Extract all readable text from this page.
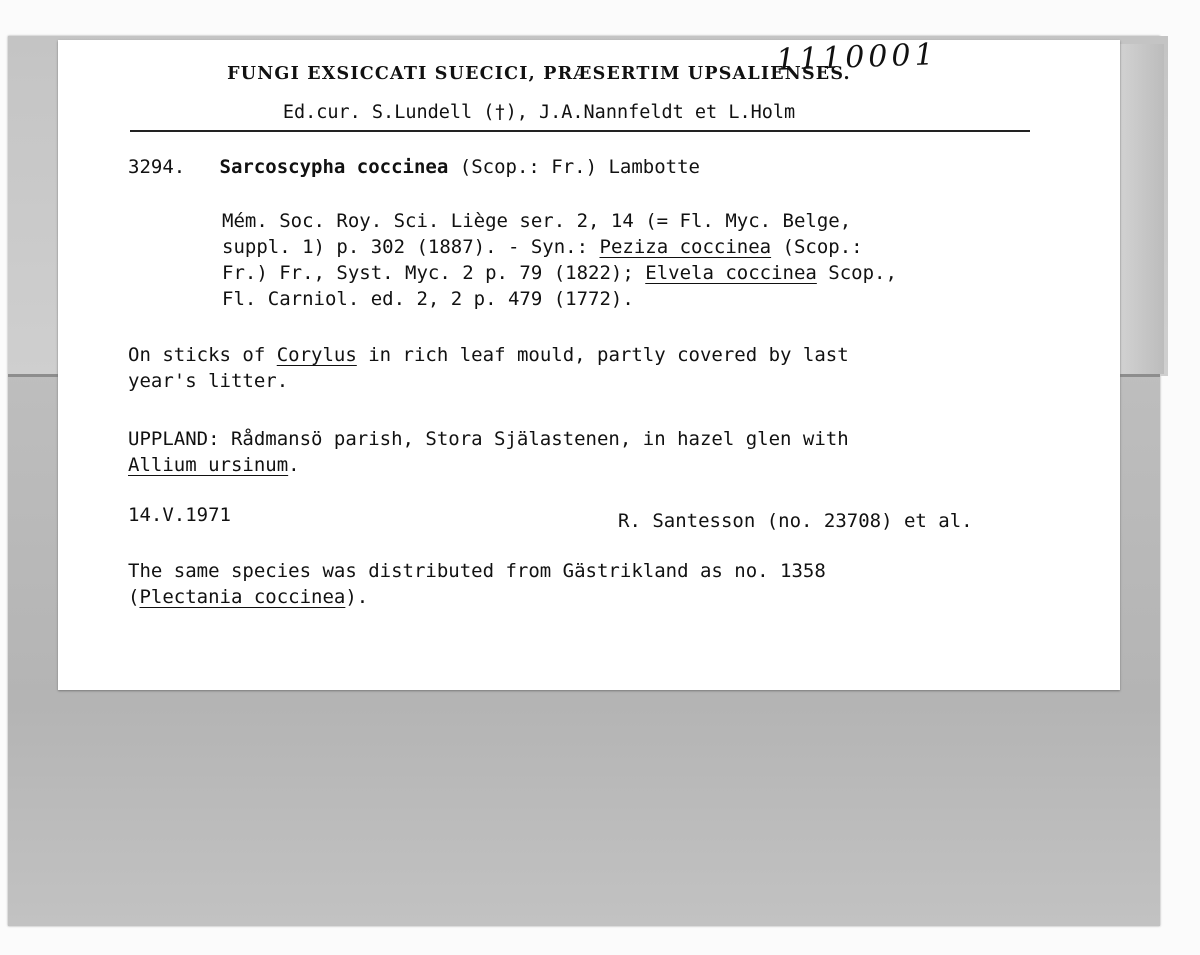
1110001
FUNGI EXSICCATI SUECICI, PRÆSERTIM UPSALIENSES.
Ed.cur. S.Lundell (†), J.A.Nannfeldt et L.Holm
3294. Sarcoscypha coccinea (Scop.: Fr.) Lambotte
Mém. Soc. Roy. Sci. Liège ser. 2, 14 (= Fl. Myc. Belge,
suppl. 1) p. 302 (1887). - Syn.: Peziza coccinea (Scop.:
Fr.) Fr., Syst. Myc. 2 p. 79 (1822); Elvela coccinea Scop.,
Fl. Carniol. ed. 2, 2 p. 479 (1772).
On sticks of Corylus in rich leaf mould, partly covered by last
year's litter.
UPPLAND: Rådmansö parish, Stora Själastenen, in hazel glen with
Allium ursinum.
14.V.1971	R. Santesson (no. 23708) et al.
The same species was distributed from Gästrikland as no. 1358
(Plectania coccinea).
